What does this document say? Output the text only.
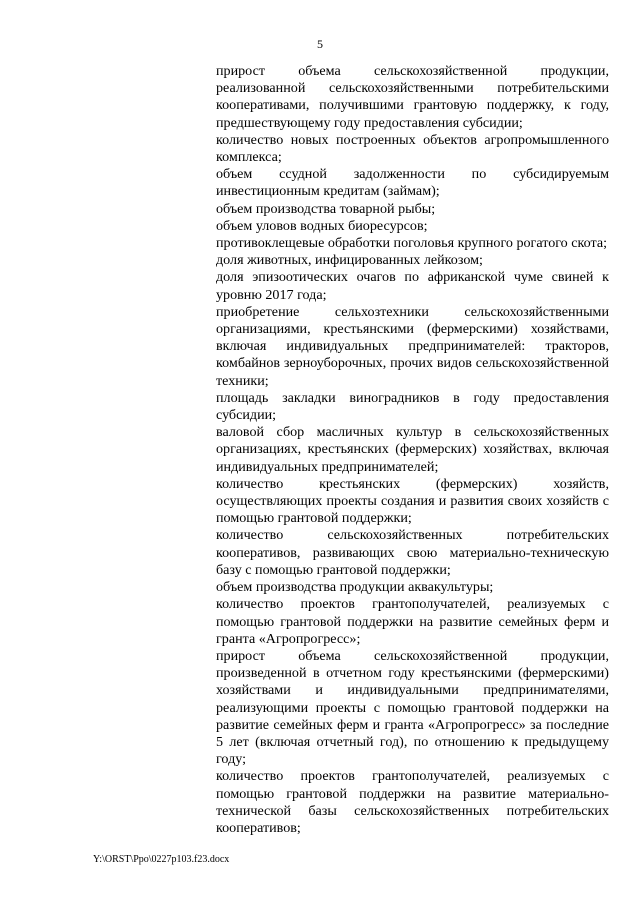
5

прирост объема сельскохозяйственной продукции, реализованной сельскохозяйственными потребительскими кооперативами, получившими грантовую поддержку, к году, предшествующему году предоставления субсидии;

количество новых построенных объектов агропромышленного комплекса;

объем ссудной задолженности по субсидируемым инвестиционным кредитам (займам);

объем производства товарной рыбы;

объем уловов водных биоресурсов;

противоклещевые обработки поголовья крупного рогатого скота;

доля животных, инфицированных лейкозом;

доля эпизоотических очагов по африканской чуме свиней к уровню 2017 года;

приобретение сельхозтехники сельскохозяйственными организациями, крестьянскими (фермерскими) хозяйствами, включая индивидуальных предпринимателей: тракторов, комбайнов зерноуборочных, прочих видов сельскохозяйственной техники;

площадь закладки виноградников в году предоставления субсидии;

валовой сбор масличных культур в сельскохозяйственных организациях, крестьянских (фермерских) хозяйствах, включая индивидуальных предпринимателей;

количество крестьянских (фермерских) хозяйств, осуществляющих проекты создания и развития своих хозяйств с помощью грантовой поддержки;

количество сельскохозяйственных потребительских кооперативов, развивающих свою материально-техническую базу с помощью грантовой поддержки;

объем производства продукции аквакультуры;

количество проектов грантополучателей, реализуемых с помощью грантовой поддержки на развитие семейных ферм и гранта «Агропрогресс»;

прирост объема сельскохозяйственной продукции, произведенной в отчетном году крестьянскими (фермерскими) хозяйствами и индивидуальными предпринимателями, реализующими проекты с помощью грантовой поддержки на развитие семейных ферм и гранта «Агропрогресс» за последние 5 лет (включая отчетный год), по отношению к предыдущему году;

количество проектов грантополучателей, реализуемых с помощью грантовой поддержки на развитие материально-технической базы сельскохозяйственных потребительских кооперативов;

Y:\ORST\Ppo\0227p103.f23.docx
